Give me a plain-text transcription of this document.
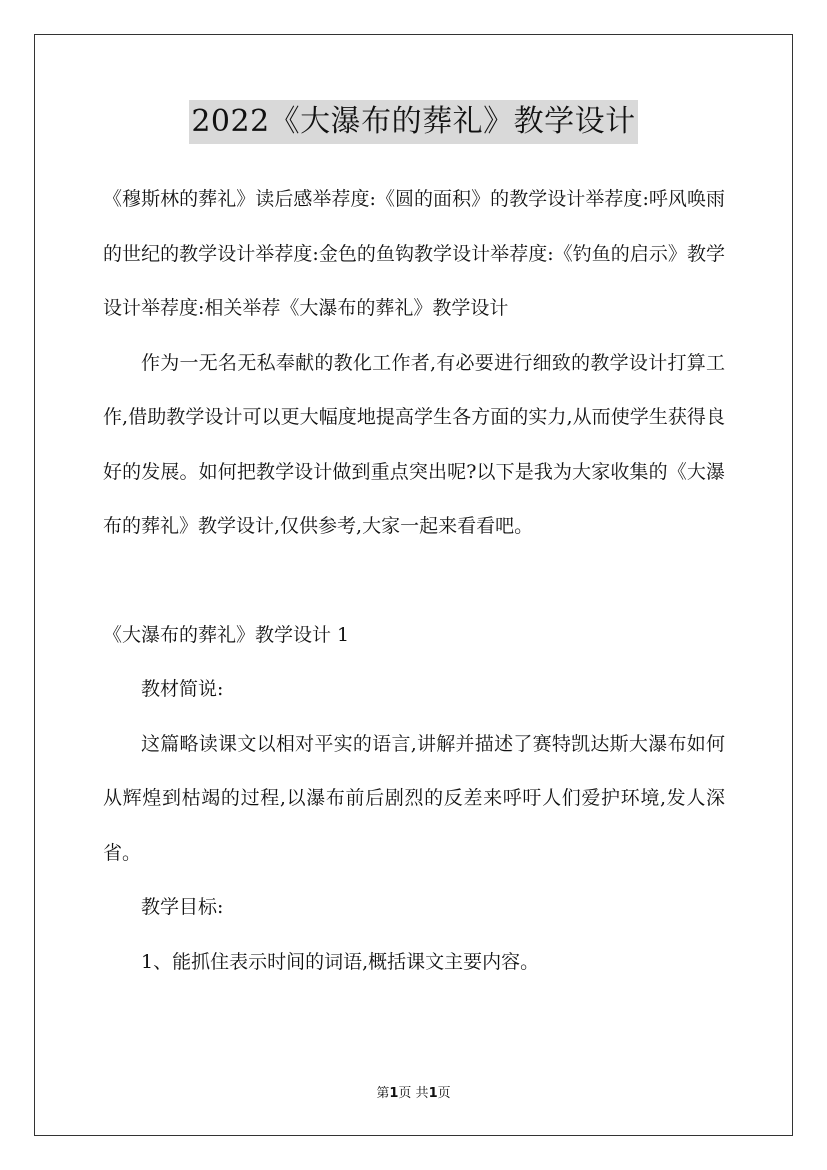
2022《大瀑布的葬礼》教学设计

《穆斯林的葬礼》读后感举荐度:《圆的面积》的教学设计举荐度:呼风唤雨的世纪的教学设计举荐度:金色的鱼钩教学设计举荐度:《钓鱼的启示》教学设计举荐度:相关举荐《大瀑布的葬礼》教学设计

作为一无名无私奉献的教化工作者,有必要进行细致的教学设计打算工作,借助教学设计可以更大幅度地提高学生各方面的实力,从而使学生获得良好的发展。如何把教学设计做到重点突出呢?以下是我为大家收集的《大瀑布的葬礼》教学设计,仅供参考,大家一起来看看吧。

《大瀑布的葬礼》教学设计 1

教材简说:

这篇略读课文以相对平实的语言,讲解并描述了赛特凯达斯大瀑布如何从辉煌到枯竭的过程,以瀑布前后剧烈的反差来呼吁人们爱护环境,发人深省。

教学目标:

1、能抓住表示时间的词语,概括课文主要内容。

第1页 共1页
